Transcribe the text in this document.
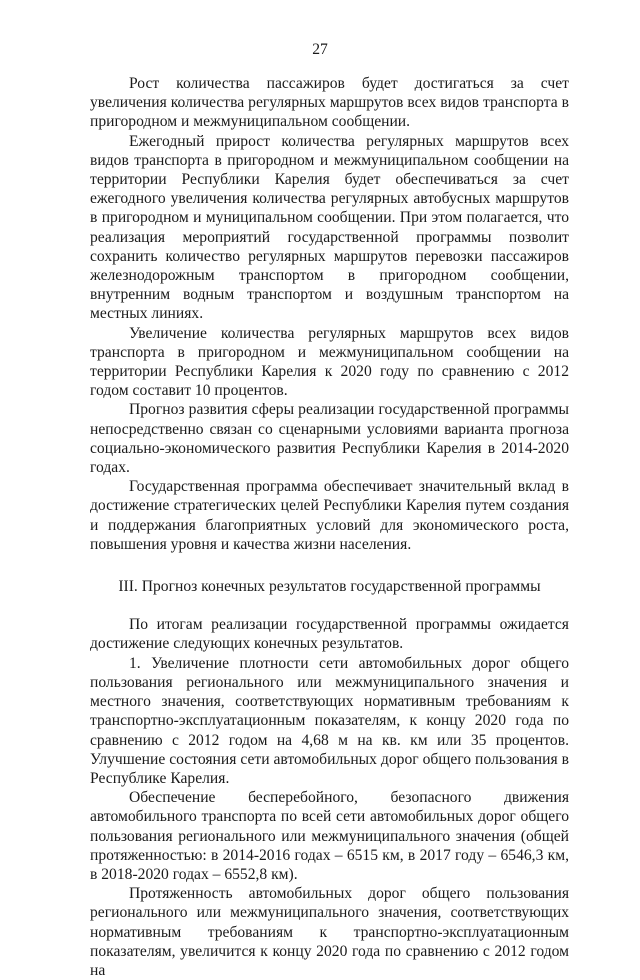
27

Рост количества пассажиров будет достигаться за счет увеличения количества регулярных маршрутов всех видов транспорта в пригородном и межмуниципальном сообщении.

Ежегодный прирост количества регулярных маршрутов всех видов транспорта в пригородном и межмуниципальном сообщении на территории Республики Карелия будет обеспечиваться за счет ежегодного увеличения количества регулярных автобусных маршрутов в пригородном и муниципальном сообщении. При этом полагается, что реализация мероприятий государственной программы позволит сохранить количество регулярных маршрутов перевозки пассажиров железнодорожным транспортом в пригородном сообщении, внутренним водным транспортом и воздушным транспортом на местных линиях.

Увеличение количества регулярных маршрутов всех видов транспорта в пригородном и межмуниципальном сообщении на территории Республики Карелия к 2020 году по сравнению с 2012 годом составит 10 процентов.

Прогноз развития сферы реализации государственной программы непосредственно связан со сценарными условиями варианта прогноза социально-экономического развития Республики Карелия в 2014-2020 годах.

Государственная программа обеспечивает значительный вклад в достижение стратегических целей Республики Карелия путем создания и поддержания благоприятных условий для экономического роста, повышения уровня и качества жизни населения.

III. Прогноз конечных результатов государственной программы

По итогам реализации государственной программы ожидается достижение следующих конечных результатов.

1. Увеличение плотности сети автомобильных дорог общего пользования регионального или межмуниципального значения и местного значения, соответствующих нормативным требованиям к транспортно-эксплуатационным показателям, к концу 2020 года по сравнению с 2012 годом на 4,68 м на кв. км или 35 процентов. Улучшение состояния сети автомобильных дорог общего пользования в Республике Карелия.

Обеспечение бесперебойного, безопасного движения автомобильного транспорта по всей сети автомобильных дорог общего пользования регионального или межмуниципального значения (общей протяженностью: в 2014-2016 годах – 6515 км, в 2017 году – 6546,3 км, в 2018-2020 годах – 6552,8 км).

Протяженность автомобильных дорог общего пользования регионального или межмуниципального значения, соответствующих нормативным требованиям к транспортно-эксплуатационным показателям, увеличится к концу 2020 года по сравнению с 2012 годом на
